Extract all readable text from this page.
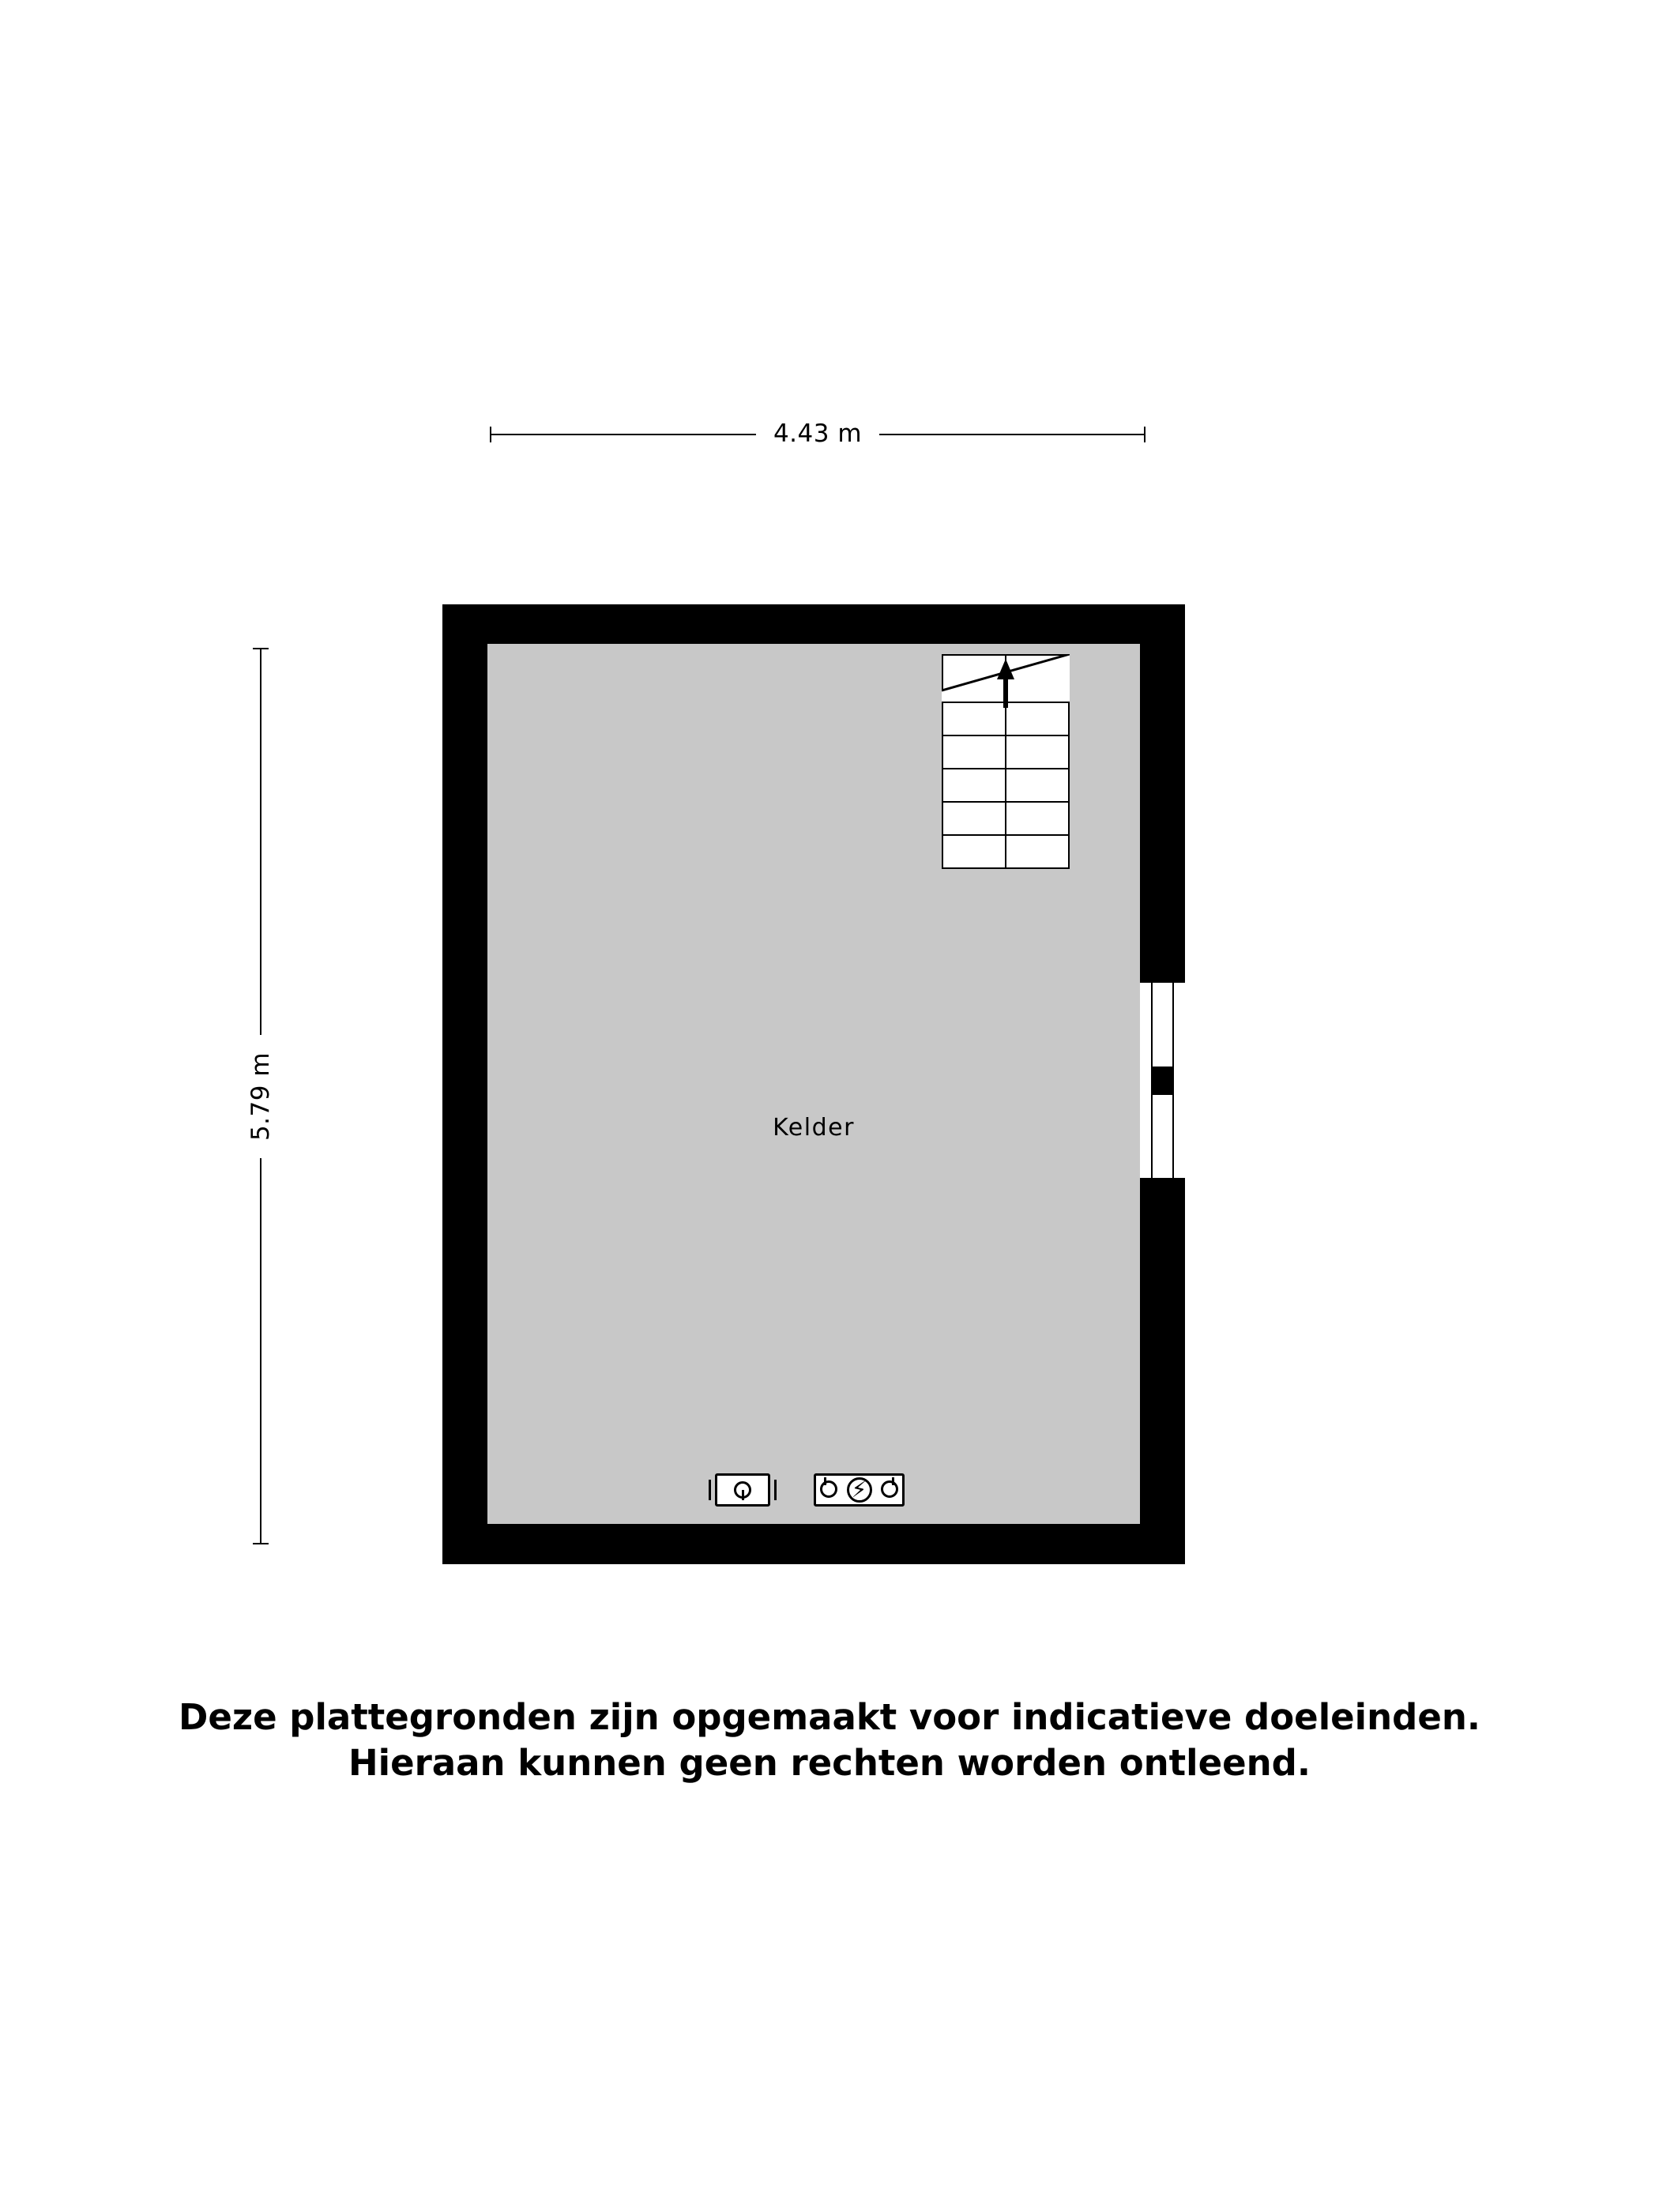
4.43 m
5.79 m	Kelder
⚡
Deze plattegronden zijn opgemaakt voor indicatieve doeleinden.
Hieraan kunnen geen rechten worden ontleend.
